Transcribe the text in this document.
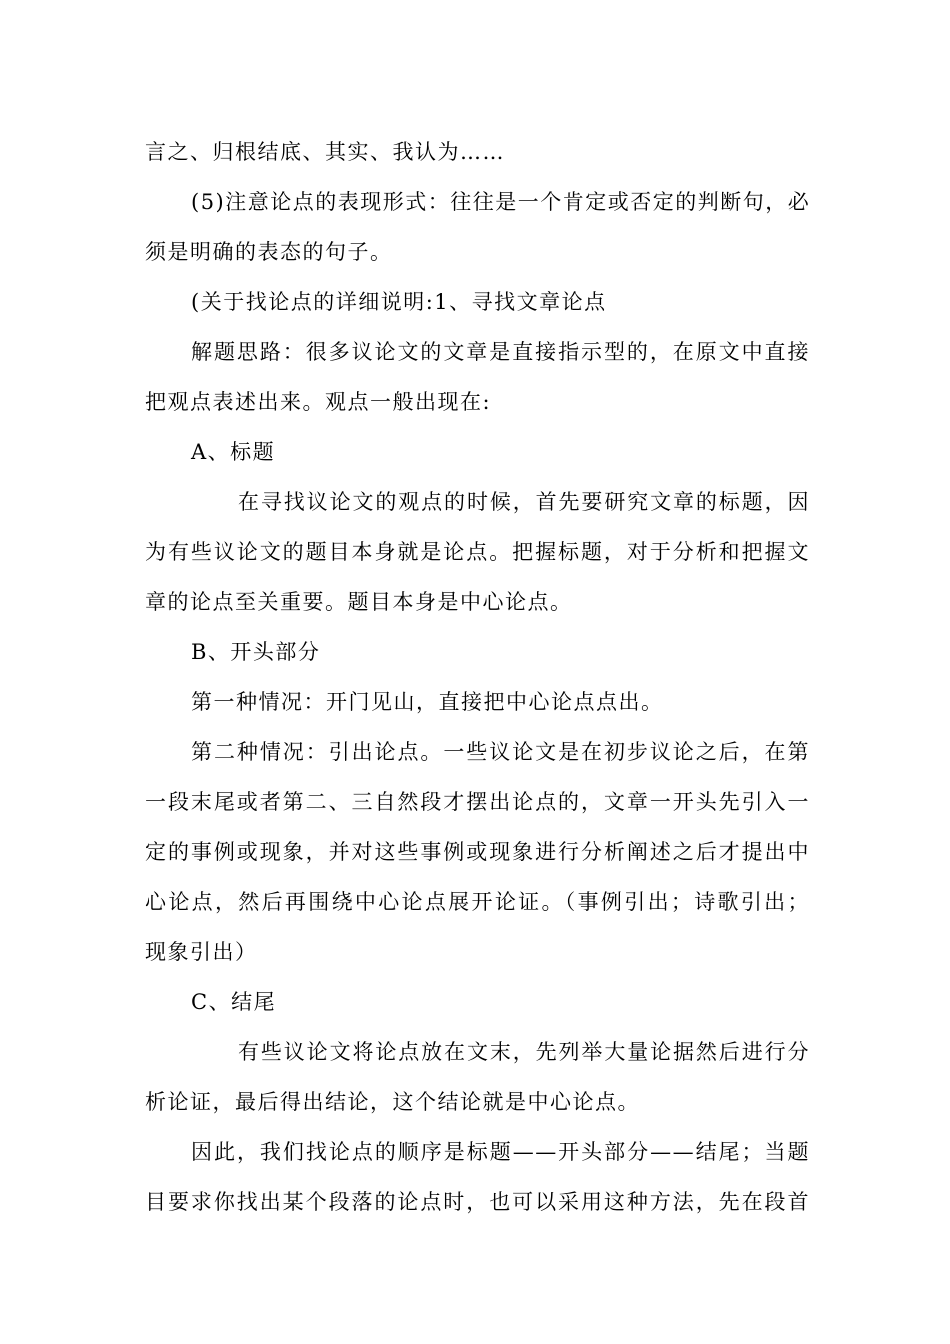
言之、归根结底、其实、我认为……
(5)注意论点的表现形式：往往是一个肯定或否定的判断句，必
须是明确的表态的句子。
(关于找论点的详细说明:1、寻找文章论点
解题思路：很多议论文的文章是直接指示型的，在原文中直接
把观点表述出来。观点一般出现在:
A、标题
在寻找议论文的观点的时候，首先要研究文章的标题，因
为有些议论文的题目本身就是论点。把握标题，对于分析和把握文
章的论点至关重要。题目本身是中心论点。
B、开头部分
第一种情况：开门见山，直接把中心论点点出。
第二种情况：引出论点。一些议论文是在初步议论之后，在第
一段末尾或者第二、三自然段才摆出论点的，文章一开头先引入一
定的事例或现象，并对这些事例或现象进行分析阐述之后才提出中
心论点，然后再围绕中心论点展开论证。（事例引出；诗歌引出；
现象引出）
C、结尾
有些议论文将论点放在文末，先列举大量论据然后进行分
析论证，最后得出结论，这个结论就是中心论点。
因此，我们找论点的顺序是标题——开头部分——结尾；当题
目要求你找出某个段落的论点时，也可以采用这种方法，先在段首
